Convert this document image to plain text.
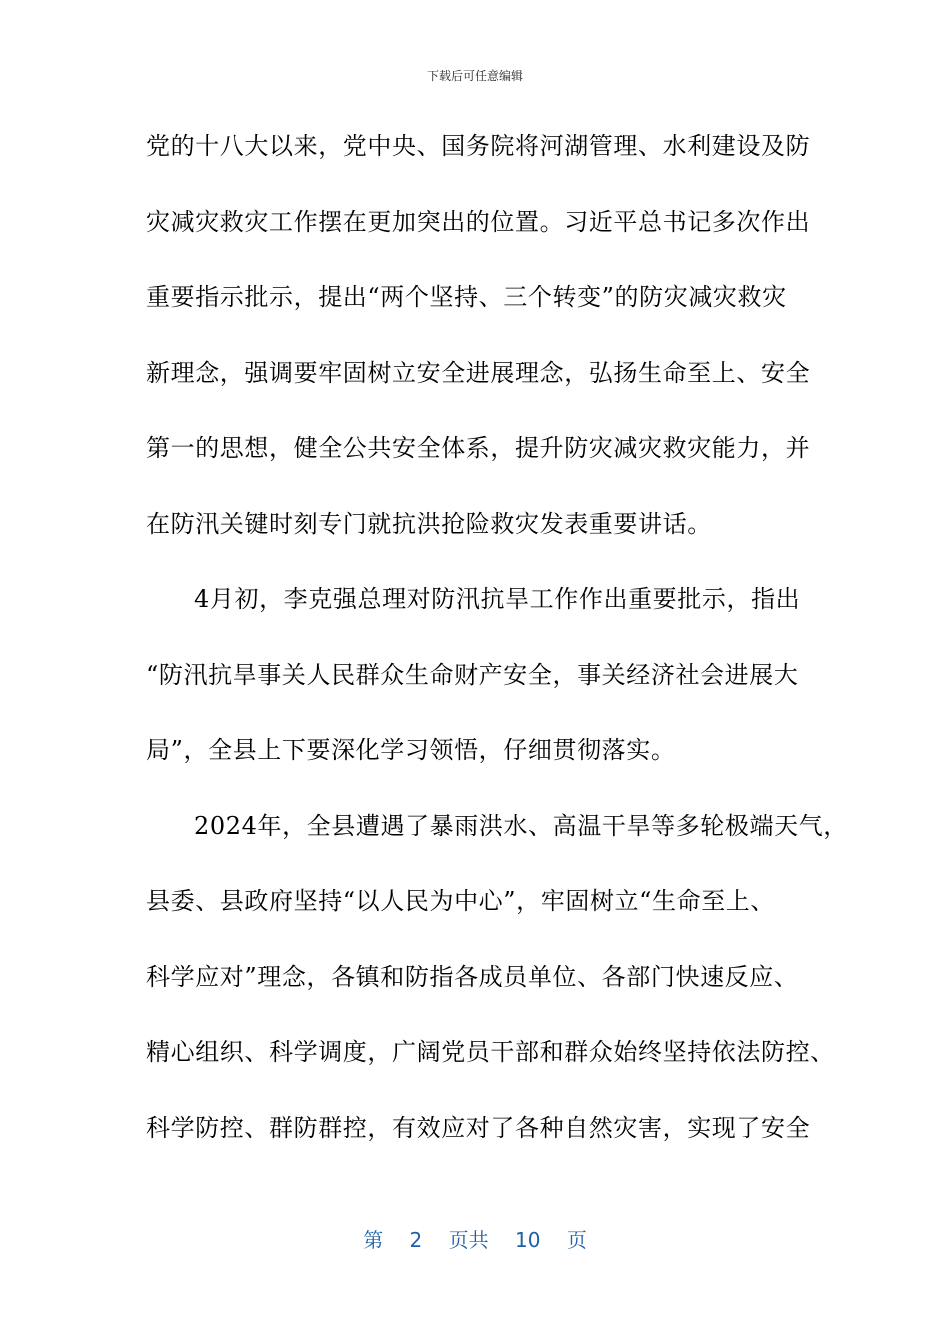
下载后可任意编辑
党的十八大以来，党中央、国务院将河湖管理、水利建设及防
灾减灾救灾工作摆在更加突出的位置。习近平总书记多次作出
重要指示批示，提出“两个坚持、三个转变”的防灾减灾救灾
新理念，强调要牢固树立安全进展理念，弘扬生命至上、安全
第一的思想，健全公共安全体系，提升防灾减灾救灾能力，并
在防汛关键时刻专门就抗洪抢险救灾发表重要讲话。
4月初，李克强总理对防汛抗旱工作作出重要批示，指出
“防汛抗旱事关人民群众生命财产安全，事关经济社会进展大
局”，全县上下要深化学习领悟，仔细贯彻落实。
2024年，全县遭遇了暴雨洪水、高温干旱等多轮极端天气，
县委、县政府坚持“以人民为中心”，牢固树立“生命至上、
科学应对”理念，各镇和防指各成员单位、各部门快速反应、
精心组织、科学调度，广阔党员干部和群众始终坚持依法防控、
科学防控、群防群控，有效应对了各种自然灾害，实现了安全
第 2 页共 10 页
